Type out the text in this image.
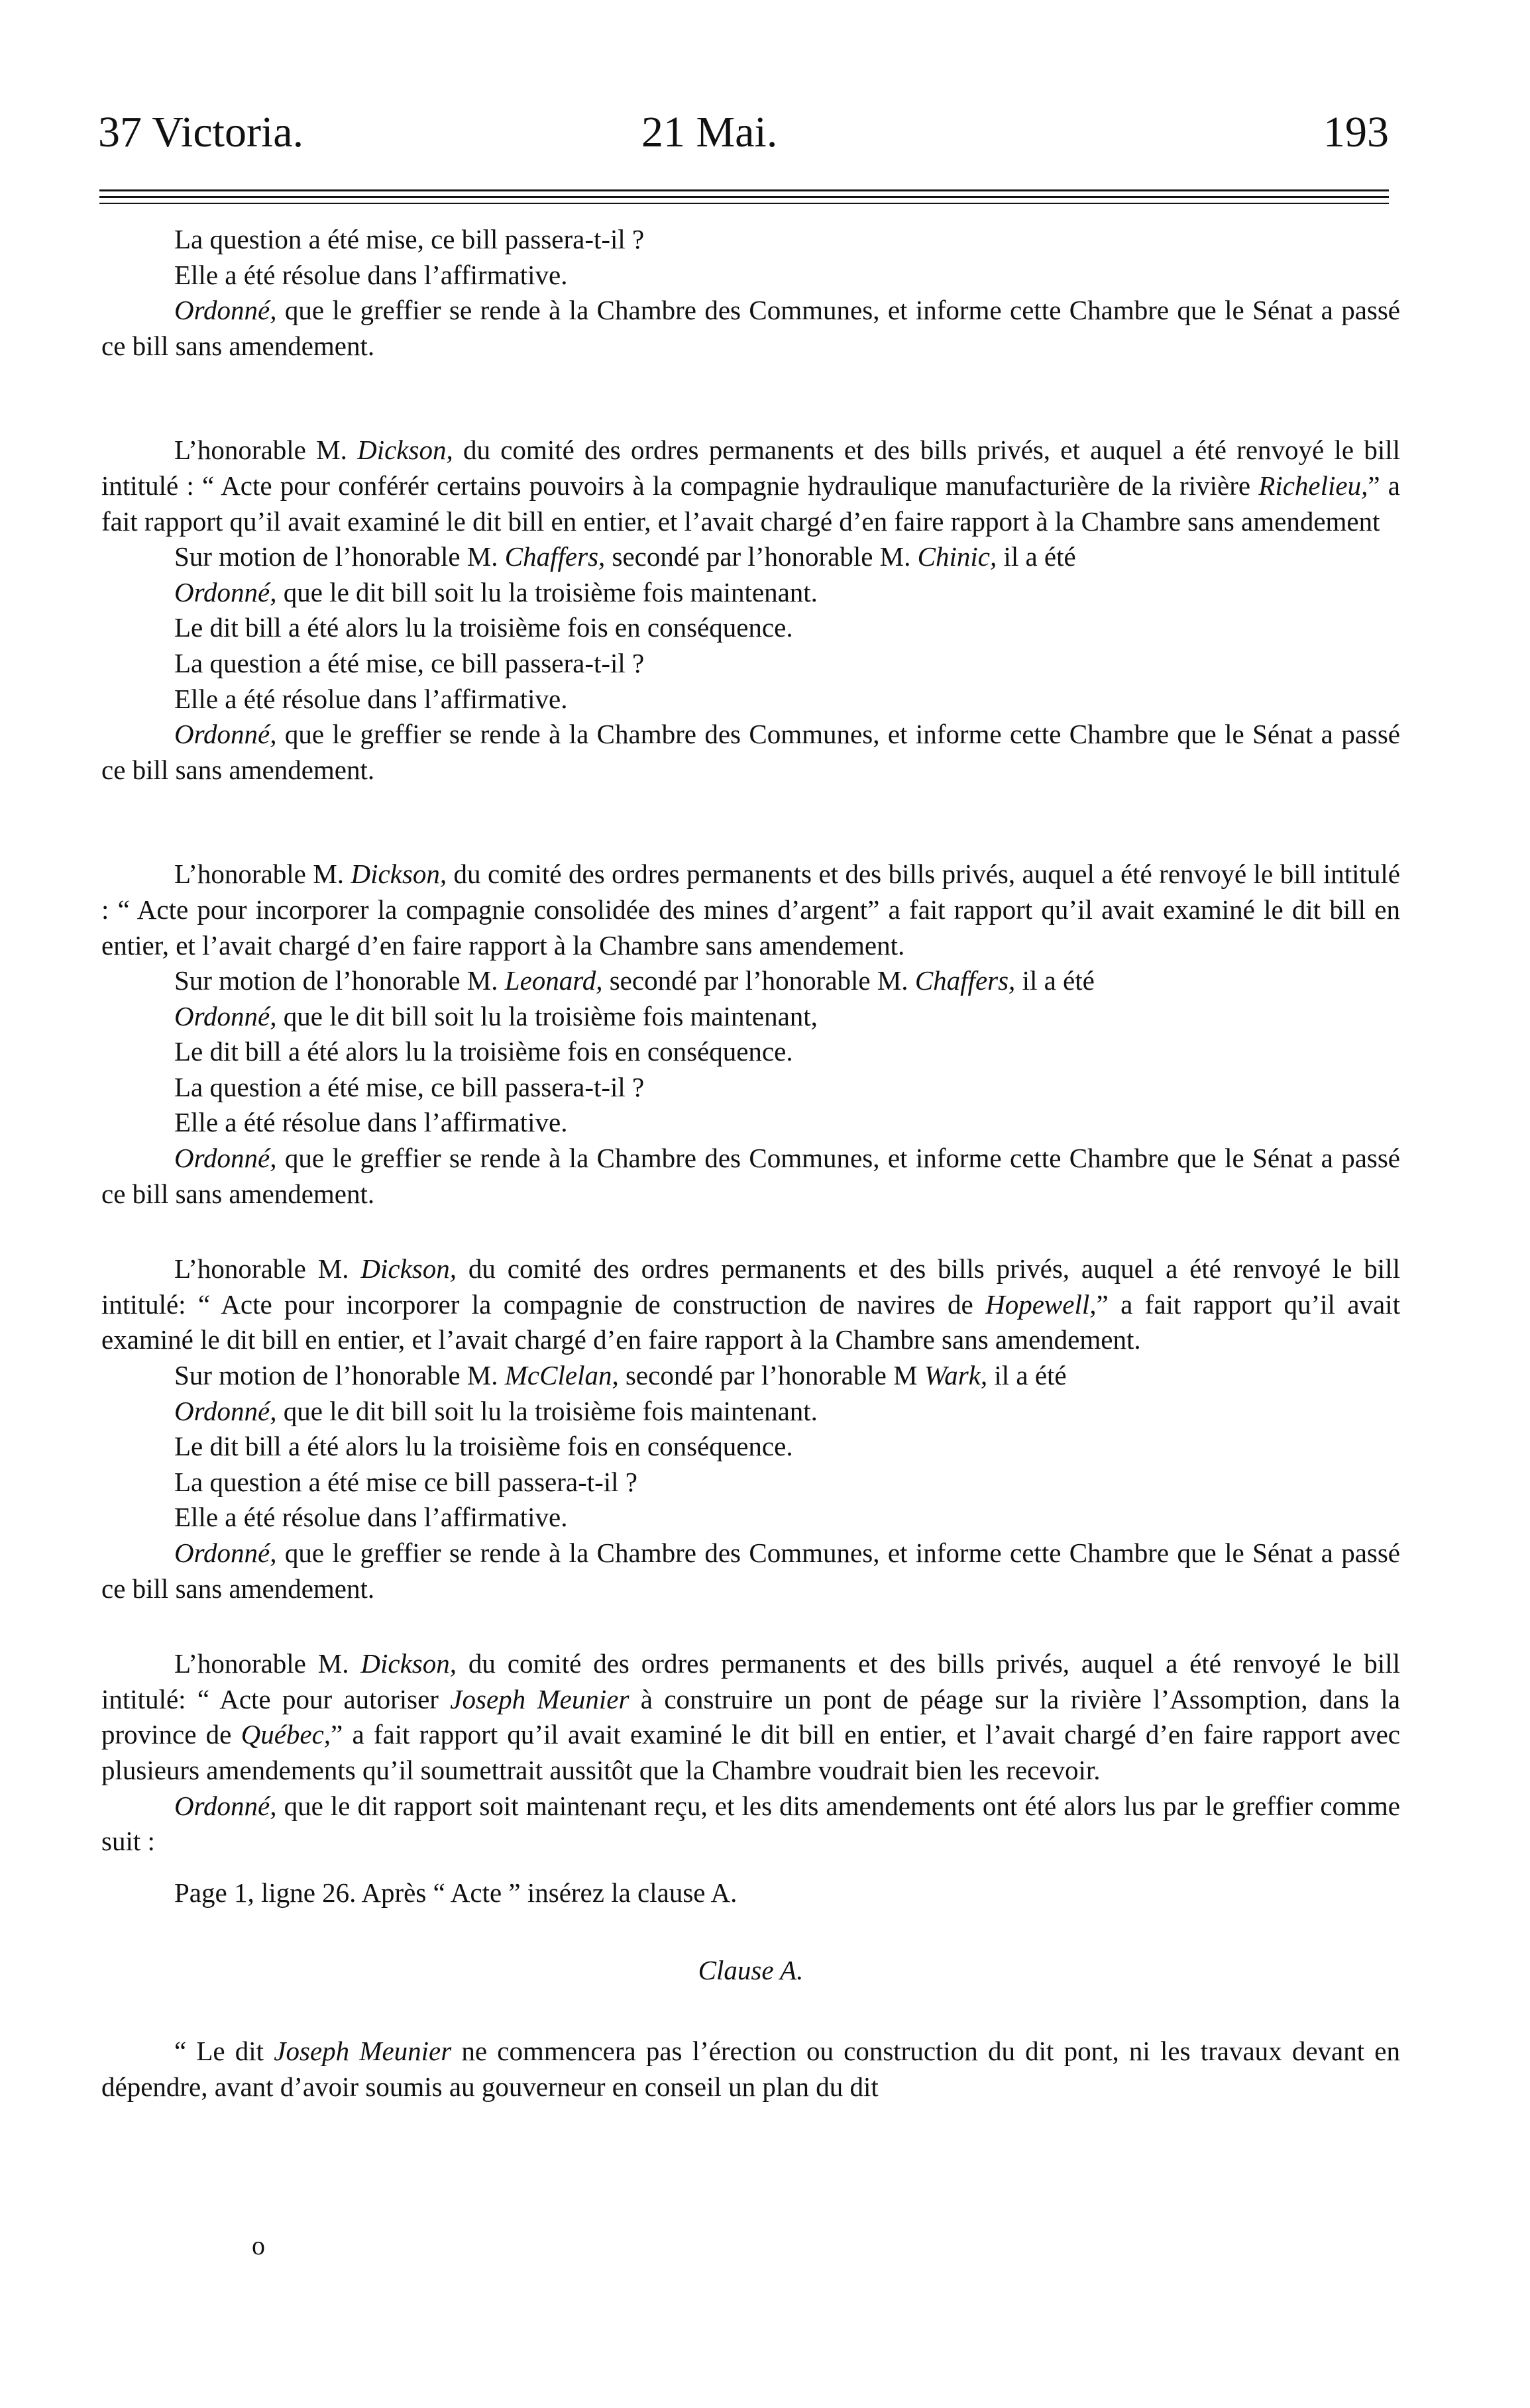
37 Victoria.	21 Mai.	193

La question a été mise, ce bill passera-t-il ?

Elle a été résolue dans l’affirmative.

Ordonné, que le greffier se rende à la Chambre des Communes, et informe cette Chambre que le Sénat a passé ce bill sans amendement.

L’honorable M. Dickson, du comité des ordres permanents et des bills privés, et auquel a été renvoyé le bill intitulé : “ Acte pour conférér certains pouvoirs à la compagnie hydraulique manufacturière de la rivière Richelieu,” a fait rapport qu’il avait examiné le dit bill en entier, et l’avait chargé d’en faire rapport à la Chambre sans amendement

Sur motion de l’honorable M. Chaffers, secondé par l’honorable M. Chinic, il a été

Ordonné, que le dit bill soit lu la troisième fois maintenant.

Le dit bill a été alors lu la troisième fois en conséquence.

La question a été mise, ce bill passera-t-il ?

Elle a été résolue dans l’affirmative.

Ordonné, que le greffier se rende à la Chambre des Communes, et informe cette Chambre que le Sénat a passé ce bill sans amendement.

L’honorable M. Dickson, du comité des ordres permanents et des bills privés, auquel a été renvoyé le bill intitulé : “ Acte pour incorporer la compagnie consolidée des mines d’argent” a fait rapport qu’il avait examiné le dit bill en entier, et l’avait chargé d’en faire rapport à la Chambre sans amendement.

Sur motion de l’honorable M. Leonard, secondé par l’honorable M. Chaffers, il a été

Ordonné, que le dit bill soit lu la troisième fois maintenant,

Le dit bill a été alors lu la troisième fois en conséquence.

La question a été mise, ce bill passera-t-il ?

Elle a été résolue dans l’affirmative.

Ordonné, que le greffier se rende à la Chambre des Communes, et informe cette Chambre que le Sénat a passé ce bill sans amendement.

L’honorable M. Dickson, du comité des ordres permanents et des bills privés, auquel a été renvoyé le bill intitulé: “ Acte pour incorporer la compagnie de construction de navires de Hopewell,” a fait rapport qu’il avait examiné le dit bill en entier, et l’avait chargé d’en faire rapport à la Chambre sans amendement.

Sur motion de l’honorable M. McClelan, secondé par l’honorable M Wark, il a été

Ordonné, que le dit bill soit lu la troisième fois maintenant.

Le dit bill a été alors lu la troisième fois en conséquence.

La question a été mise ce bill passera-t-il ?

Elle a été résolue dans l’affirmative.

Ordonné, que le greffier se rende à la Chambre des Communes, et informe cette Chambre que le Sénat a passé ce bill sans amendement.

L’honorable M. Dickson, du comité des ordres permanents et des bills privés, auquel a été renvoyé le bill intitulé: “ Acte pour autoriser Joseph Meunier à construire un pont de péage sur la rivière l’Assomption, dans la province de Québec,” a fait rapport qu’il avait examiné le dit bill en entier, et l’avait chargé d’en faire rapport avec plusieurs amendements qu’il soumettrait aussitôt que la Chambre voudrait bien les recevoir.

Ordonné, que le dit rapport soit maintenant reçu, et les dits amendements ont été alors lus par le greffier comme suit :

Page 1, ligne 26. Après “ Acte ” insérez la clause A.

Clause A.

“ Le dit Joseph Meunier ne commencera pas l’érection ou construction du dit pont, ni les travaux devant en dépendre, avant d’avoir soumis au gouverneur en conseil un plan du dit

o
